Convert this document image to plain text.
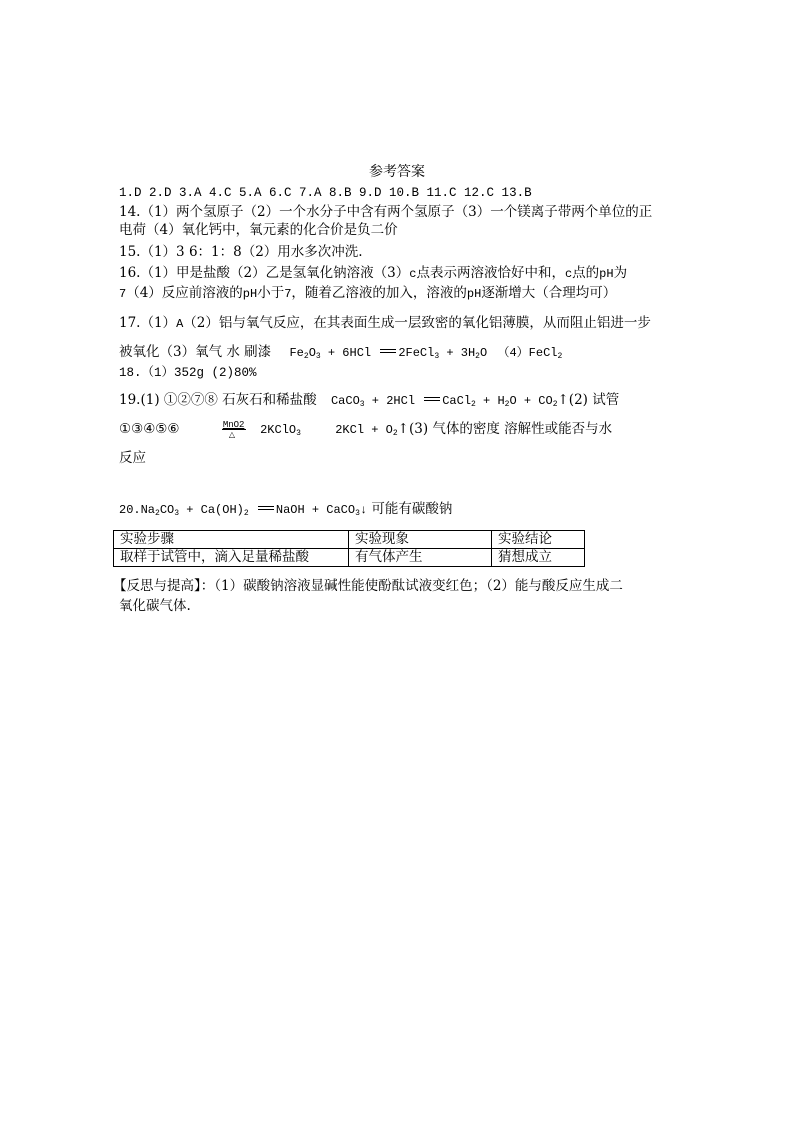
参考答案
1.D 2.D 3.A 4.C 5.A 6.C 7.A 8.B 9.D 10.B 11.C 12.C 13.B
14.（1）两个氢原子（2）一个水分子中含有两个氢原子（3）一个镁离子带两个单位的正
电荷（4）氧化钙中，氧元素的化合价是负二价
15.（1）3 6：1：8（2）用水多次冲洗.
16.（1）甲是盐酸（2）乙是氢氧化钠溶液（3）c点表示两溶液恰好中和，c点的pH为
7（4）反应前溶液的pH小于7，随着乙溶液的加入，溶液的pH逐渐增大（合理均可）
17.（1）A（2）铝与氧气反应，在其表面生成一层致密的氧化铝薄膜，从而阻止铝进一步
被氧化（3）氧气 水 刷漆 $Fe_2O_3 + 6HCl$ 2FeCl$_3$ + $3H_2O$ （4）FeCl$_2$
18.（1）352g (2)80%
19.(1) ①②⑦⑧ 石灰石和稀盐酸 CaCO$_3$ + 2HCl CaCl$_2$ + $H_2O$ + $CO_2↑(2)$ 试管
①③④⑤⑥	MnO2
△ 2KClO$_3$	$2KCl + O_2↑(3)$ 气体的密度 溶解性或能否与水
反应
$20.Na_2CO_3 + Ca(OH)_2$ NaOH + CaCO$_3$↓ 可能有碳酸钠
实验步骤	实验现象	实验结论
取样于试管中，滴入足量稀盐酸	有气体产生	猜想成立
【反思与提高】：（1）碳酸钠溶液显碱性能使酚酞试液变红色；（2）能与酸反应生成二
氧化碳气体.
